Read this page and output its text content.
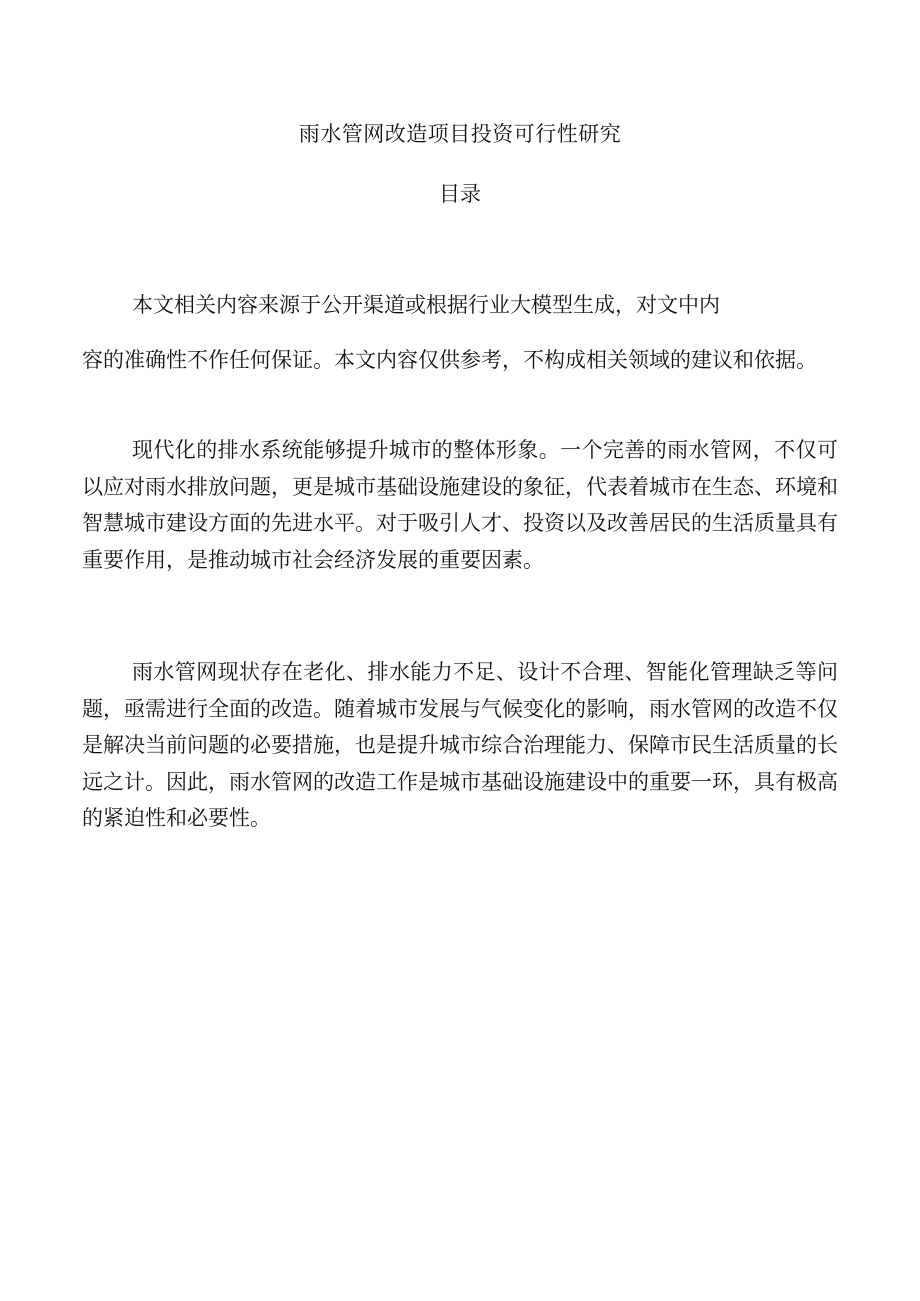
雨水管网改造项目投资可行性研究
目录
本文相关内容来源于公开渠道或根据行业大模型生成，对文中内
容的准确性不作任何保证。本文内容仅供参考，不构成相关领域的建议和依据。
现代化的排水系统能够提升城市的整体形象。一个完善的雨水管网，不仅可以应对雨水排放问题，更是城市基础设施建设的象征，代表着城市在生态、环境和智慧城市建设方面的先进水平。对于吸引人才、投资以及改善居民的生活质量具有重要作用，是推动城市社会经济发展的重要因素。
雨水管网现状存在老化、排水能力不足、设计不合理、智能化管理缺乏等问题，亟需进行全面的改造。随着城市发展与气候变化的影响，雨水管网的改造不仅是解决当前问题的必要措施，也是提升城市综合治理能力、保障市民生活质量的长远之计。因此，雨水管网的改造工作是城市基础设施建设中的重要一环，具有极高的紧迫性和必要性。
